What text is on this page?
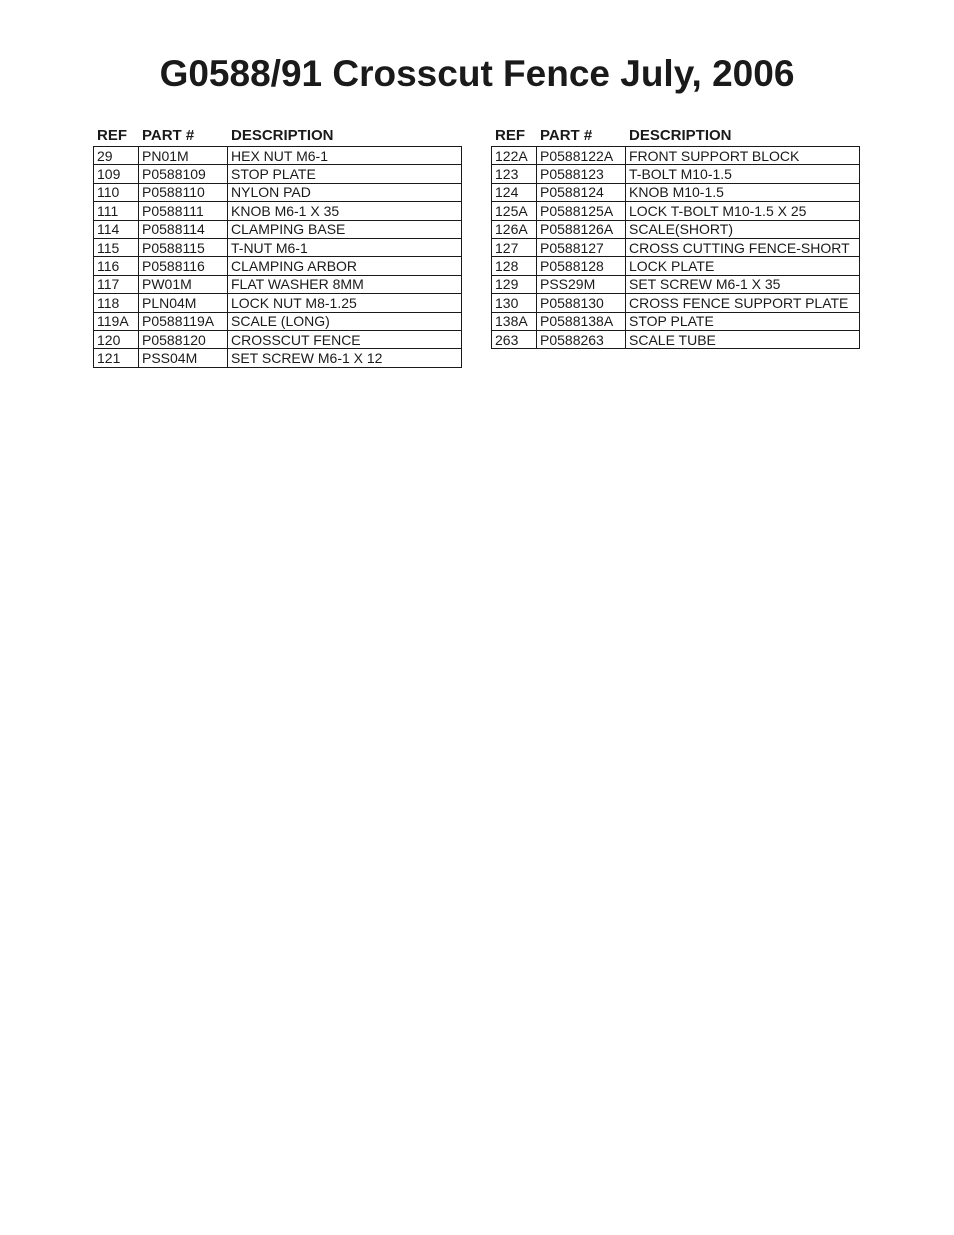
G0588/91 Crosscut Fence July, 2006
REF	PART #	DESCRIPTION
29	PN01M	HEX NUT M6-1
109	P0588109	STOP PLATE
110	P0588110	NYLON PAD
111	P0588111	KNOB M6-1 X 35
114	P0588114	CLAMPING BASE
115	P0588115	T-NUT M6-1
116	P0588116	CLAMPING ARBOR
117	PW01M	FLAT WASHER 8MM
118	PLN04M	LOCK NUT M8-1.25
119A	P0588119A	SCALE (LONG)
120	P0588120	CROSSCUT FENCE
121	PSS04M	SET SCREW M6-1 X 12
REF	PART #	DESCRIPTION
122A	P0588122A	FRONT SUPPORT BLOCK
123	P0588123	T-BOLT M10-1.5
124	P0588124	KNOB M10-1.5
125A	P0588125A	LOCK T-BOLT M10-1.5 X 25
126A	P0588126A	SCALE(SHORT)
127	P0588127	CROSS CUTTING FENCE-SHORT
128	P0588128	LOCK PLATE
129	PSS29M	SET SCREW M6-1 X 35
130	P0588130	CROSS FENCE SUPPORT PLATE
138A	P0588138A	STOP PLATE
263	P0588263	SCALE TUBE
